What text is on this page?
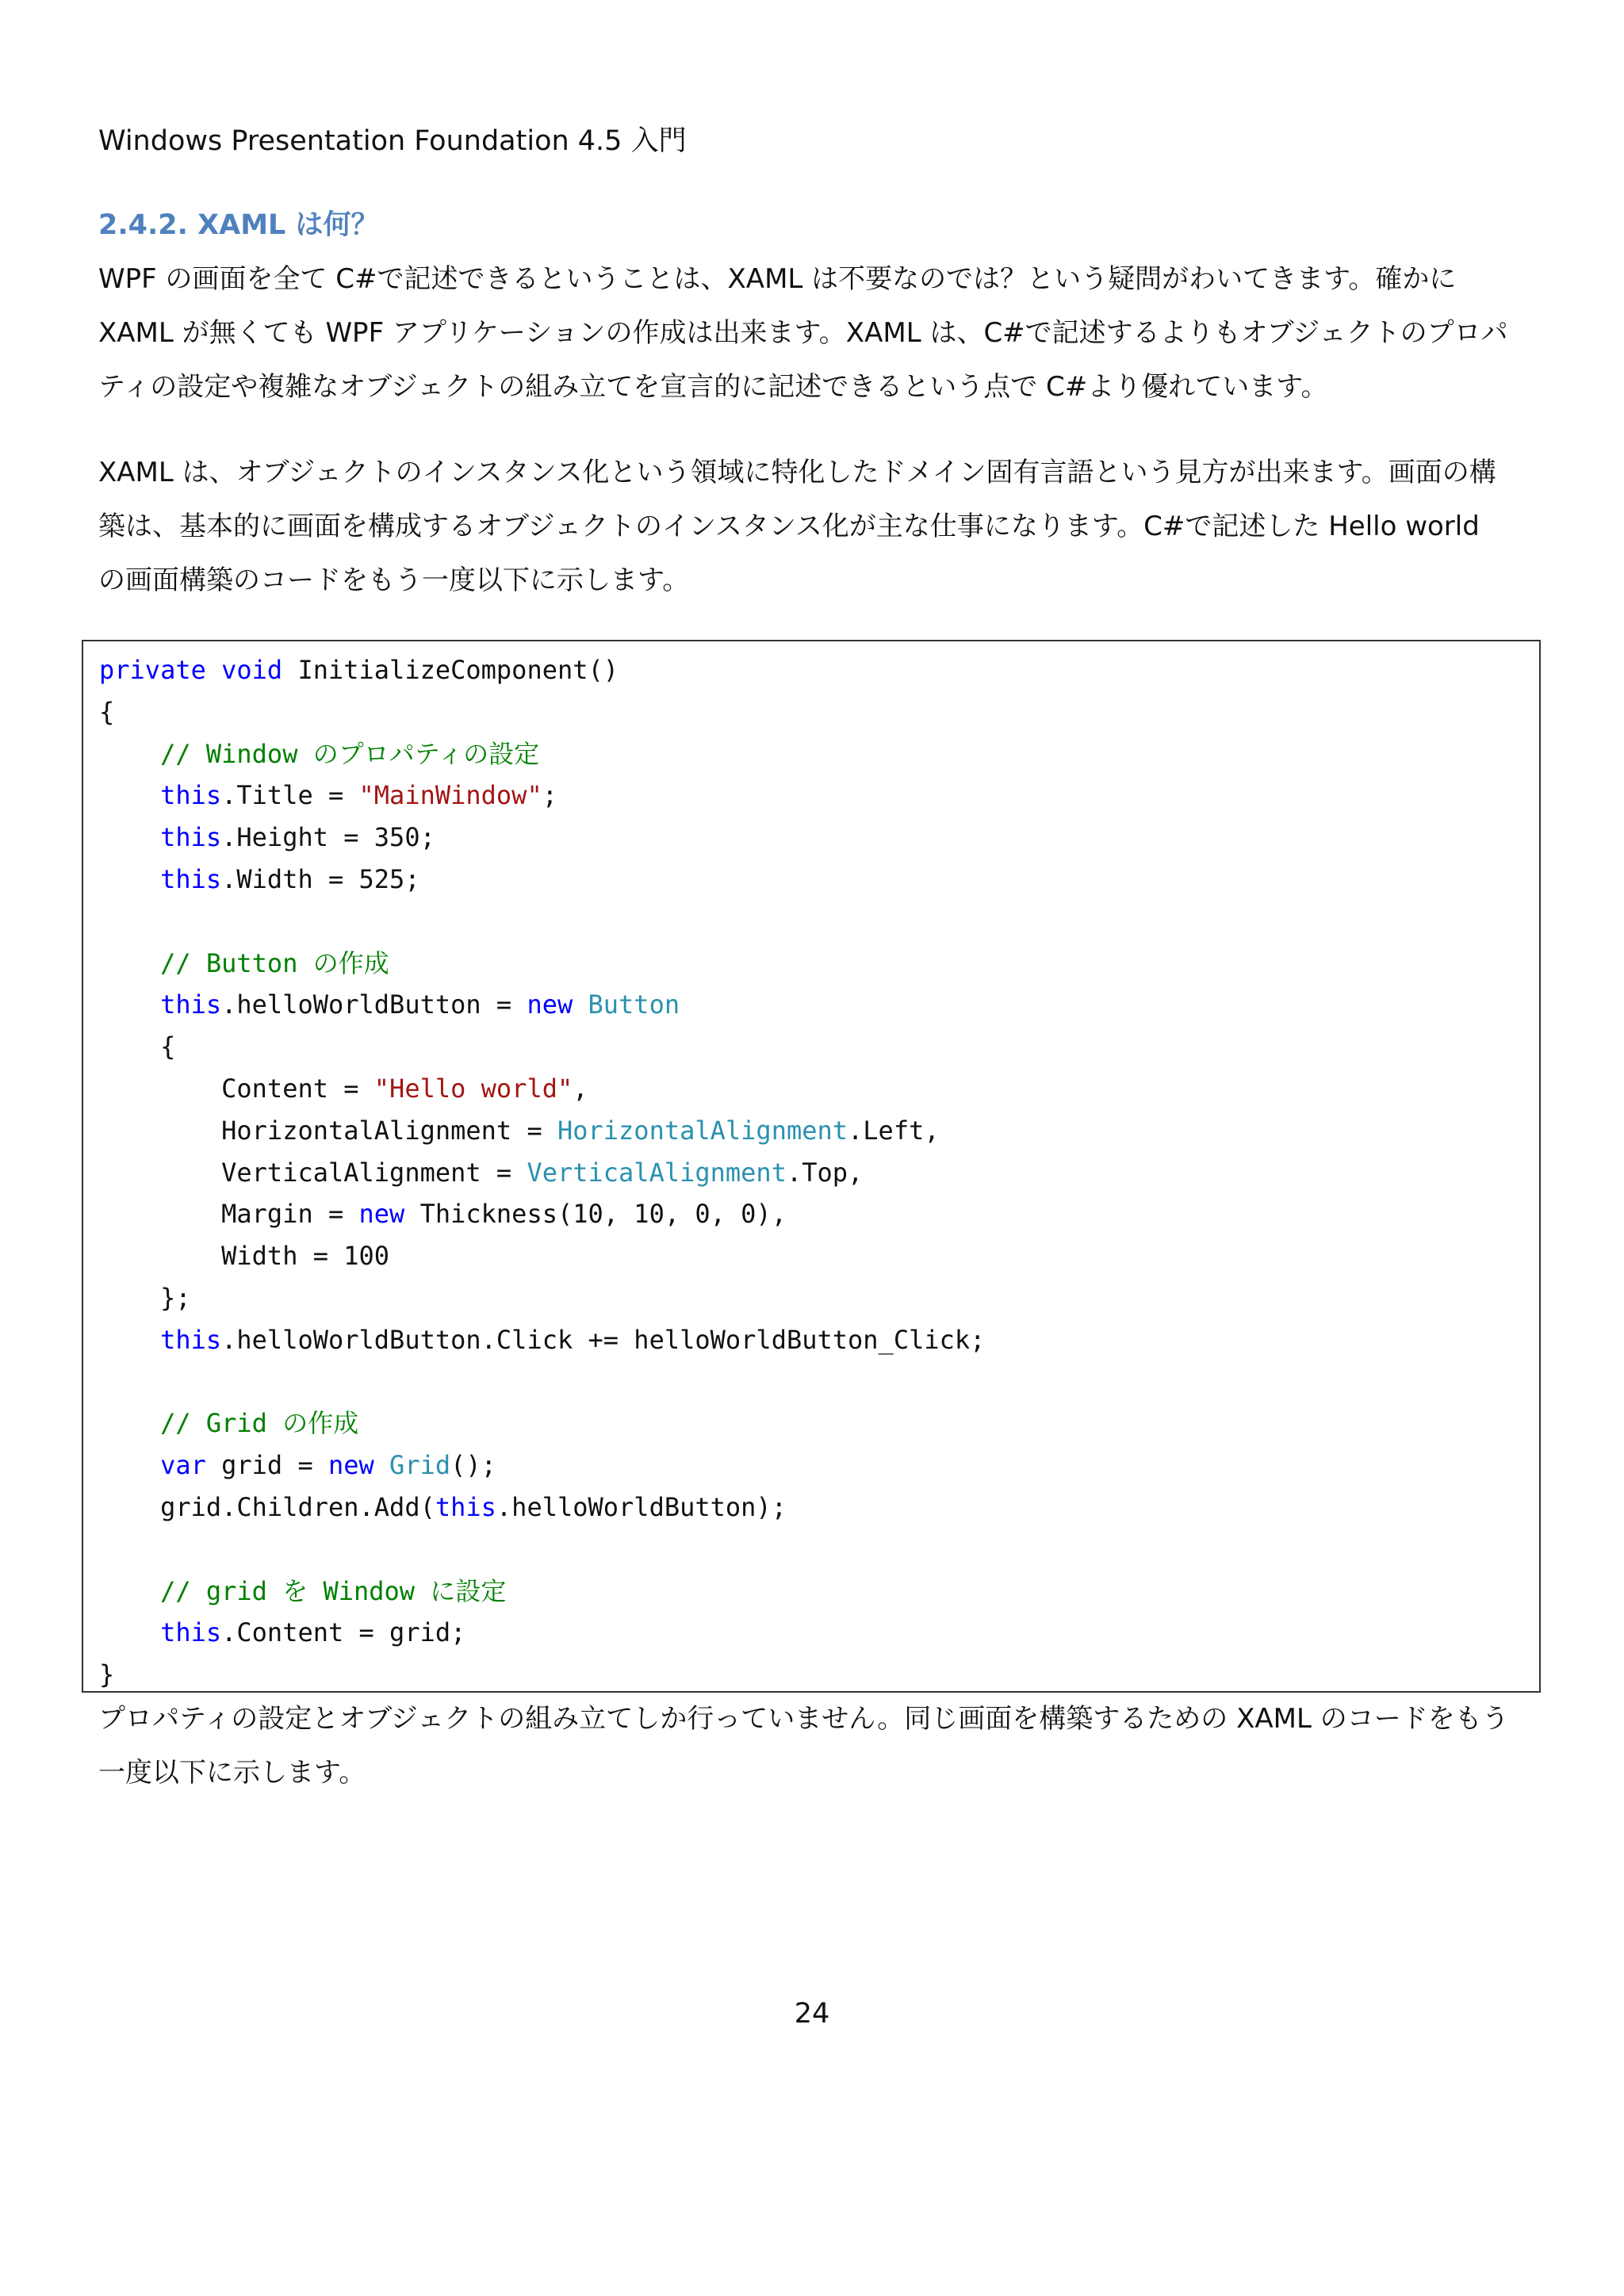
Windows Presentation Foundation 4.5 入門
2.4.2. XAML は何？
WPF の画面を全て C#で記述できるということは、XAML は不要なのでは？という疑問がわいてきます。確かに
XAML が無くても WPF アプリケーションの作成は出来ます。XAML は、C#で記述するよりもオブジェクトのプロパ
ティの設定や複雑なオブジェクトの組み立てを宣言的に記述できるという点で C#より優れています。
XAML は、オブジェクトのインスタンス化という領域に特化したドメイン固有言語という見方が出来ます。画面の構
築は、基本的に画面を構成するオブジェクトのインスタンス化が主な仕事になります。C#で記述した Hello world
の画面構築のコードをもう一度以下に示します。
private void InitializeComponent()
{
// Window のプロパティの設定
this.Title = "MainWindow";
this.Height = 350;
this.Width = 525;

// Button の作成
this.helloWorldButton = new Button
{
Content = "Hello world",
HorizontalAlignment = HorizontalAlignment.Left,
VerticalAlignment = VerticalAlignment.Top,
Margin = new Thickness(10, 10, 0, 0),
Width = 100
};
this.helloWorldButton.Click += helloWorldButton_Click;

// Grid の作成
var grid = new Grid();
grid.Children.Add(this.helloWorldButton);

// grid を Window に設定
this.Content = grid;
}
プロパティの設定とオブジェクトの組み立てしか行っていません。同じ画面を構築するための XAML のコードをもう
一度以下に示します。
24
